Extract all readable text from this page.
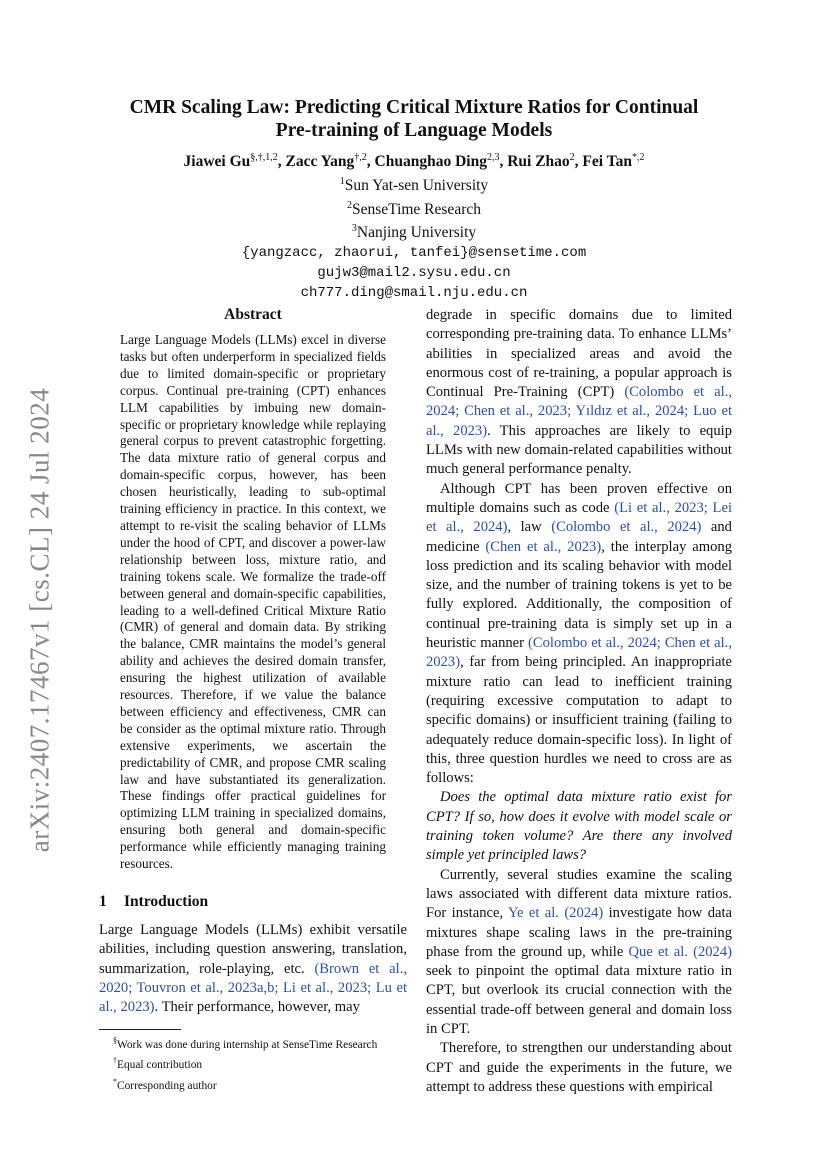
arXiv:2407.17467v1 [cs.CL] 24 Jul 2024
CMR Scaling Law: Predicting Critical Mixture Ratios for Continual
Pre-training of Language Models
Jiawei $Gu^{\S,\dagger,1,2}$, Zacc Yang$^{\dagger,2}$, Chuanghao Ding$^{2,3}$, Rui Zhao$^2$, Fei Tan$^{*,2}$
$^1$Sun Yat-sen University
$^2$SenseTime Research
$^3$Nanjing University
{yangzacc, zhaorui, tanfei}@sensetime.com
gujw3@mail2.sysu.edu.cn
ch777.ding@smail.nju.edu.cn
Abstract

Large Language Models (LLMs) excel in diverse tasks but often underperform in specialized fields due to limited domain-specific or proprietary corpus. Continual pre-training (CPT) enhances LLM capabilities by imbuing new domain-specific or proprietary knowledge while replaying general corpus to prevent catastrophic forgetting. The data mixture ratio of general corpus and domain-specific corpus, however, has been chosen heuristically, leading to sub-optimal training efficiency in practice. In this context, we attempt to re-visit the scaling behavior of LLMs under the hood of CPT, and discover a power-law relationship between loss, mixture ratio, and training tokens scale. We formalize the trade-off between general and domain-specific capabilities, leading to a well-defined Critical Mixture Ratio (CMR) of general and domain data. By striking the balance, CMR maintains the model’s general ability and achieves the desired domain transfer, ensuring the highest utilization of available resources. Therefore, if we value the balance between efficiency and effectiveness, CMR can be consider as the optimal mixture ratio. Through extensive experiments, we ascertain the predictability of CMR, and propose CMR scaling law and have substantiated its generalization. These findings offer practical guidelines for optimizing LLM training in specialized domains, ensuring both general and domain-specific performance while efficiently managing training resources.

1 Introduction

Large Language Models (LLMs) exhibit versatile abilities, including question answering, translation, summarization, role-playing, etc. (Brown et al., 2020; Touvron et al., 2023a,b; Li et al., 2023; Lu et al., 2023). Their performance, however, may

degrade in specific domains due to limited corresponding pre-training data. To enhance LLMs’ abilities in specialized areas and avoid the enormous cost of re-training, a popular approach is Continual Pre-Training (CPT) (Colombo et al., 2024; Chen et al., 2023; Yıldız et al., 2024; Luo et al., 2023). This approaches are likely to equip LLMs with new domain-related capabilities without much general performance penalty.

Although CPT has been proven effective on multiple domains such as code (Li et al., 2023; Lei et al., 2024), law (Colombo et al., 2024) and medicine (Chen et al., 2023), the interplay among loss prediction and its scaling behavior with model size, and the number of training tokens is yet to be fully explored. Additionally, the composition of continual pre-training data is simply set up in a heuristic manner (Colombo et al., 2024; Chen et al., 2023), far from being principled. An inappropriate mixture ratio can lead to inefficient training (requiring excessive computation to adapt to specific domains) or insufficient training (failing to adequately reduce domain-specific loss). In light of this, three question hurdles we need to cross are as follows:

Does the optimal data mixture ratio exist for CPT? If so, how does it evolve with model scale or training token volume? Are there any involved simple yet principled laws?

Currently, several studies examine the scaling laws associated with different data mixture ratios. For instance, Ye et al. (2024) investigate how data mixtures shape scaling laws in the pre-training phase from the ground up, while Que et al. (2024) seek to pinpoint the optimal data mixture ratio in CPT, but overlook its crucial connection with the essential trade-off between general and domain loss in CPT.

Therefore, to strengthen our understanding about CPT and guide the experiments in the future, we attempt to address these questions with empirical

§Work was done during internship at SenseTime Research
†Equal contribution
*Corresponding author
